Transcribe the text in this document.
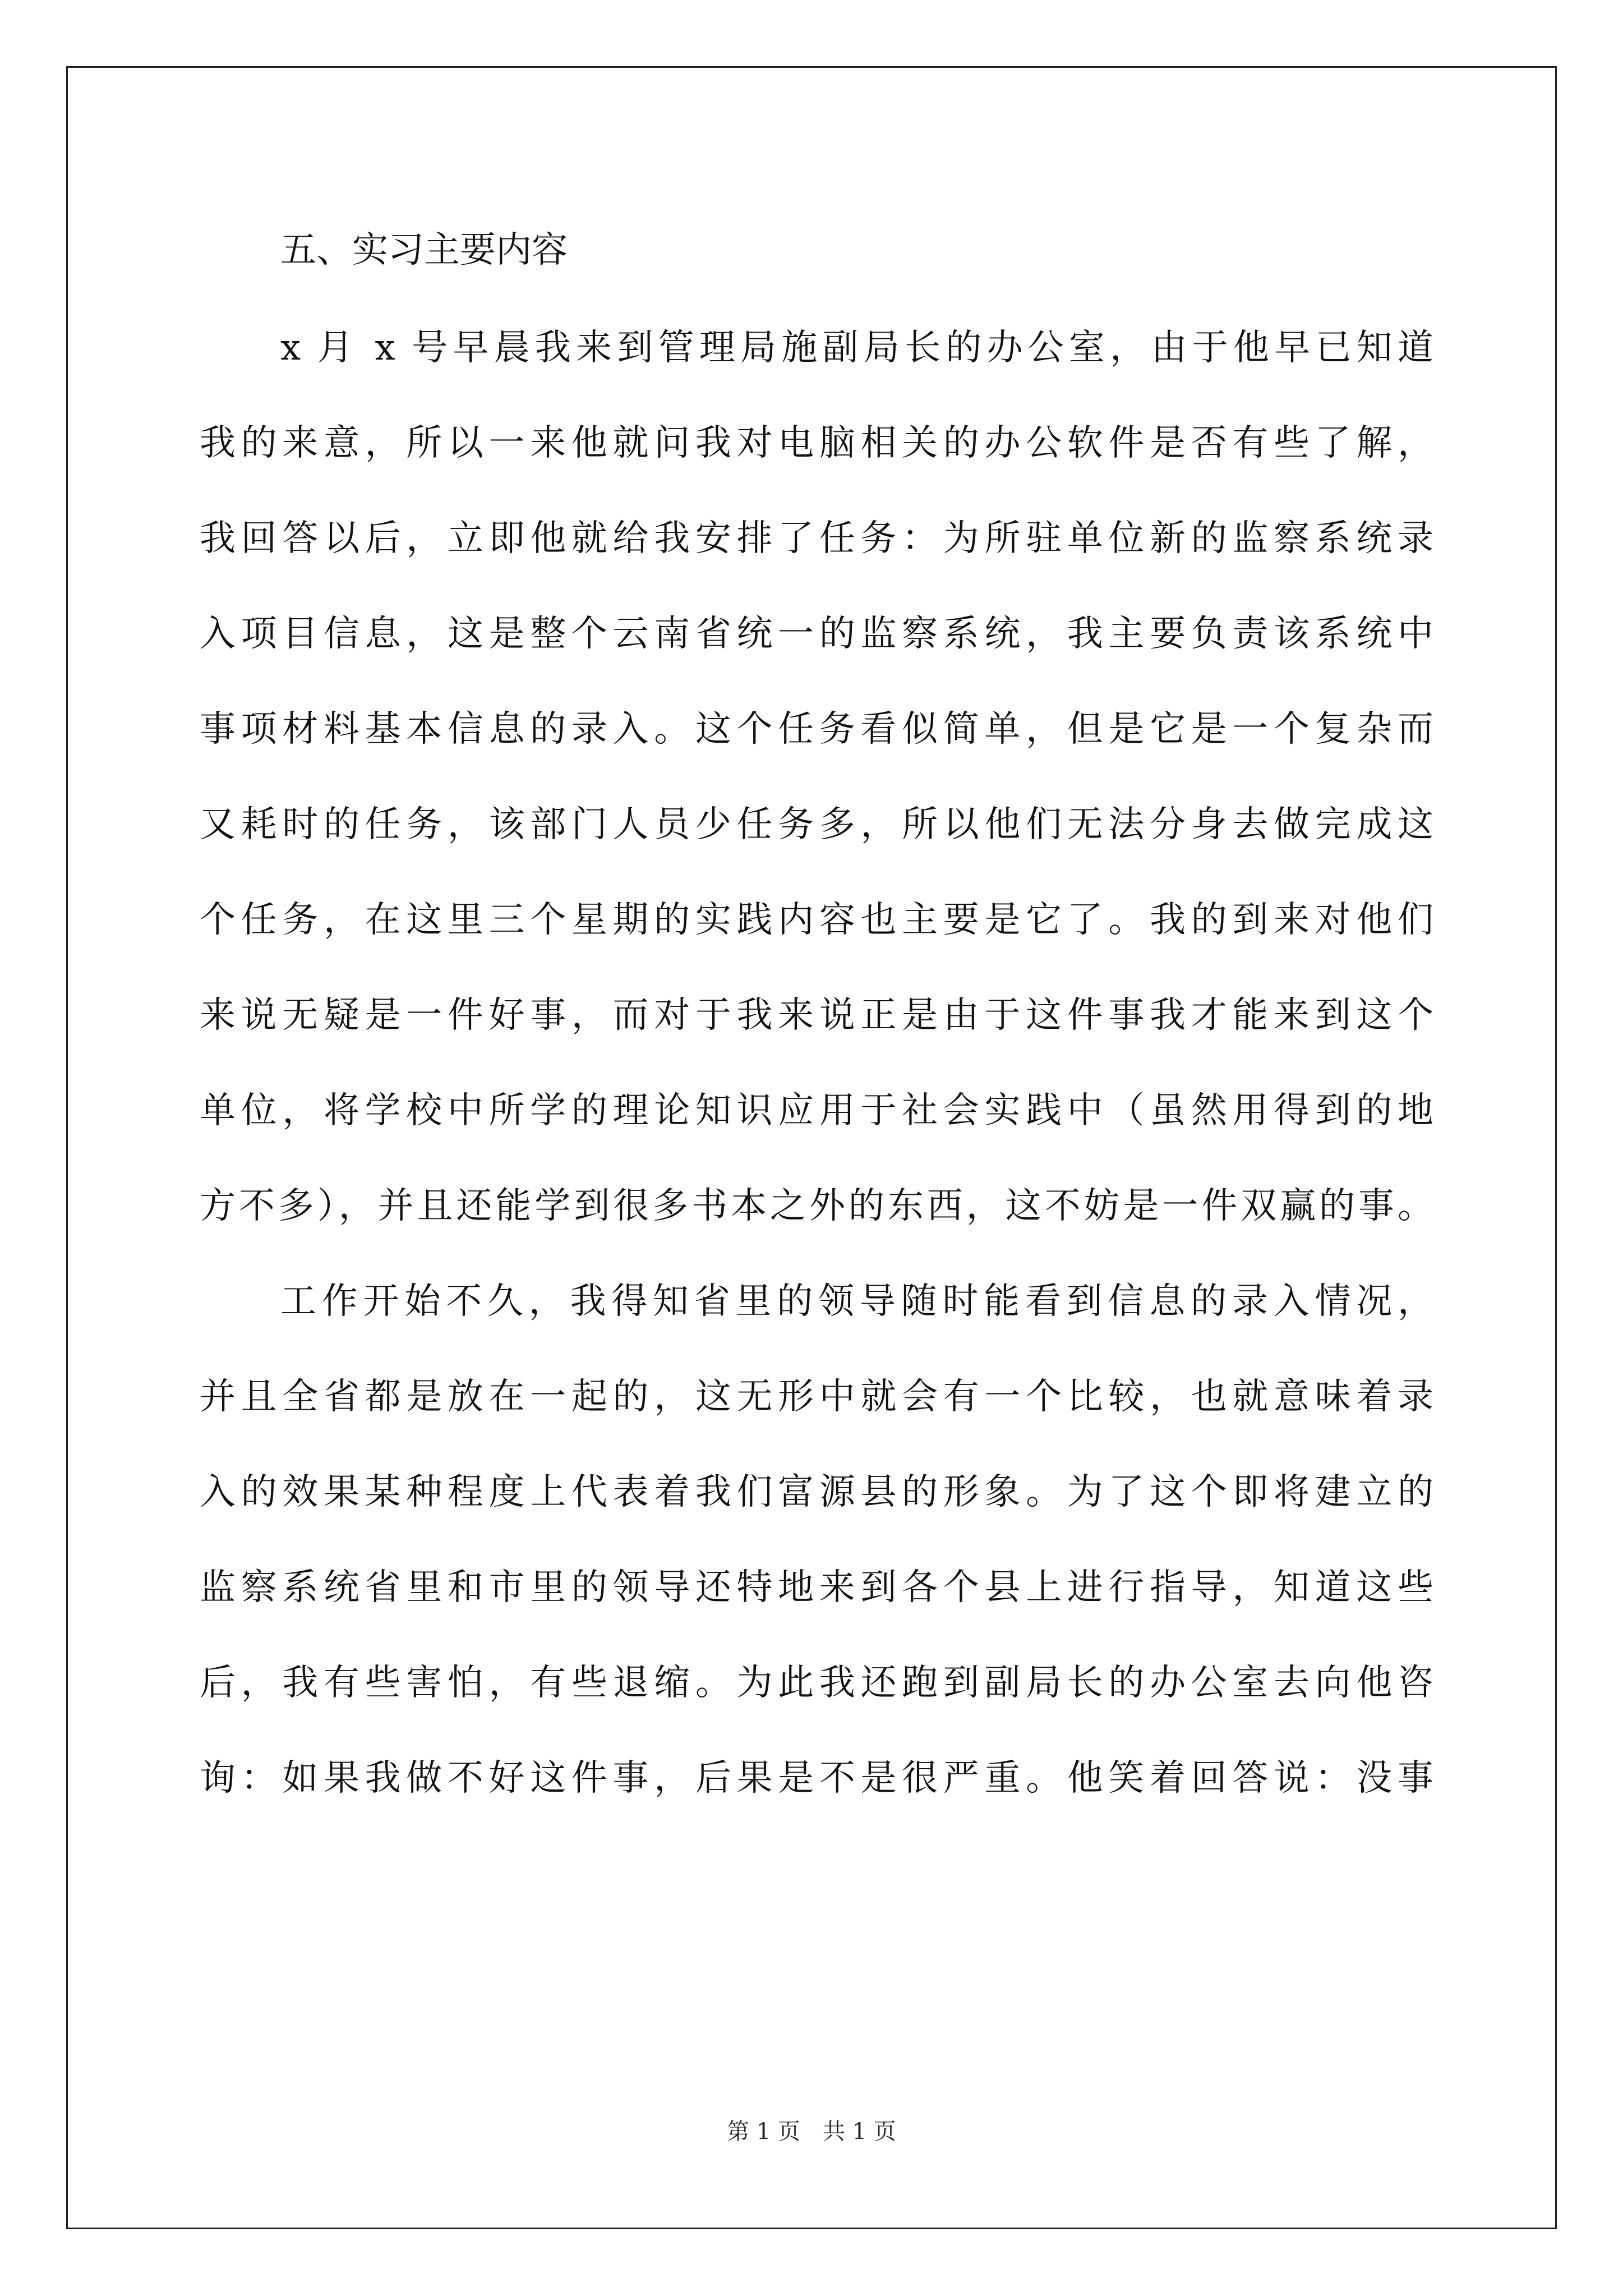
五、实习主要内容
x 月 x 号早晨我来到管理局施副局长的办公室，由于他早已知道
我的来意，所以一来他就问我对电脑相关的办公软件是否有些了解，
我回答以后，立即他就给我安排了任务：为所驻单位新的监察系统录
入项目信息，这是整个云南省统一的监察系统，我主要负责该系统中
事项材料基本信息的录入。这个任务看似简单，但是它是一个复杂而
又耗时的任务，该部门人员少任务多，所以他们无法分身去做完成这
个任务，在这里三个星期的实践内容也主要是它了。我的到来对他们
来说无疑是一件好事，而对于我来说正是由于这件事我才能来到这个
单位，将学校中所学的理论知识应用于社会实践中（虽然用得到的地
方不多），并且还能学到很多书本之外的东西，这不妨是一件双赢的事。
工作开始不久，我得知省里的领导随时能看到信息的录入情况，
并且全省都是放在一起的，这无形中就会有一个比较，也就意味着录
入的效果某种程度上代表着我们富源县的形象。为了这个即将建立的
监察系统省里和市里的领导还特地来到各个县上进行指导，知道这些
后，我有些害怕，有些退缩。为此我还跑到副局长的办公室去向他咨
询：如果我做不好这件事，后果是不是很严重。他笑着回答说：没事
第 1 页　共 1 页
